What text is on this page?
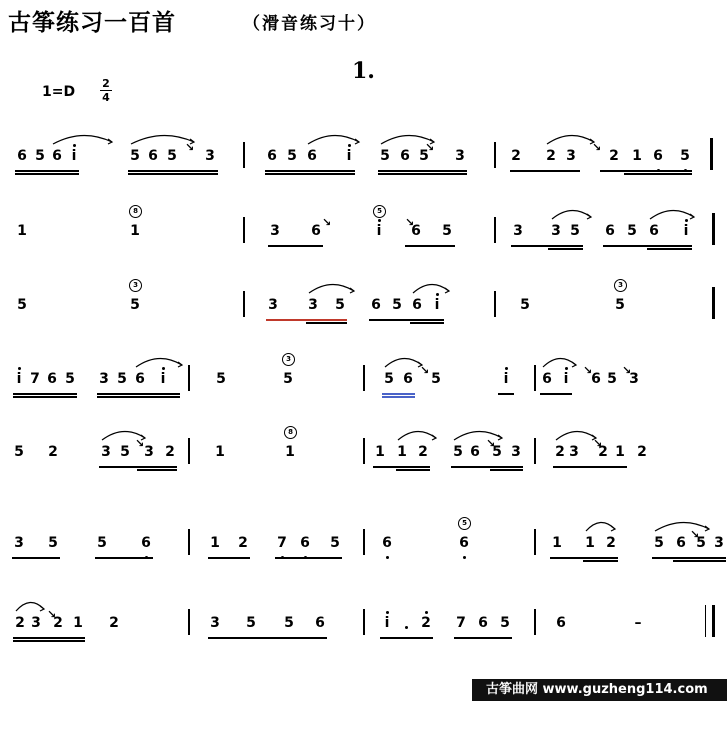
古筝练习一百首	（滑音练习十）
1.
1=D
2
4
6 5 6 i	5 6 5 3	6 5 6	i	5 6 5 3	2 2 3 2 1 6 5
↘	↘	↘
1	1	3 6	i	6 5	3 3 5 6 5 6	i
↘	↘
8	5
5	5	3 3 5 6 5 6 i	5	5
3	3
i 7 6 5 3 5 6	i	5	5	5 6 5	i	6 i	6 5 3
↘	↘	↘
3
5 2	3 5 3 2	1	1	1 1 2 5 6 5 3 2 3 2 1 2
↘	↘	↘
8
3 5	5 6	1 2 7 6 5	6	6	1 1 2	5 6 5 3
↘
5
2 3 2 1 2	3 5 5 6	i	2 7 6 5	6
↘
–
古筝曲网 www.guzheng114.com
